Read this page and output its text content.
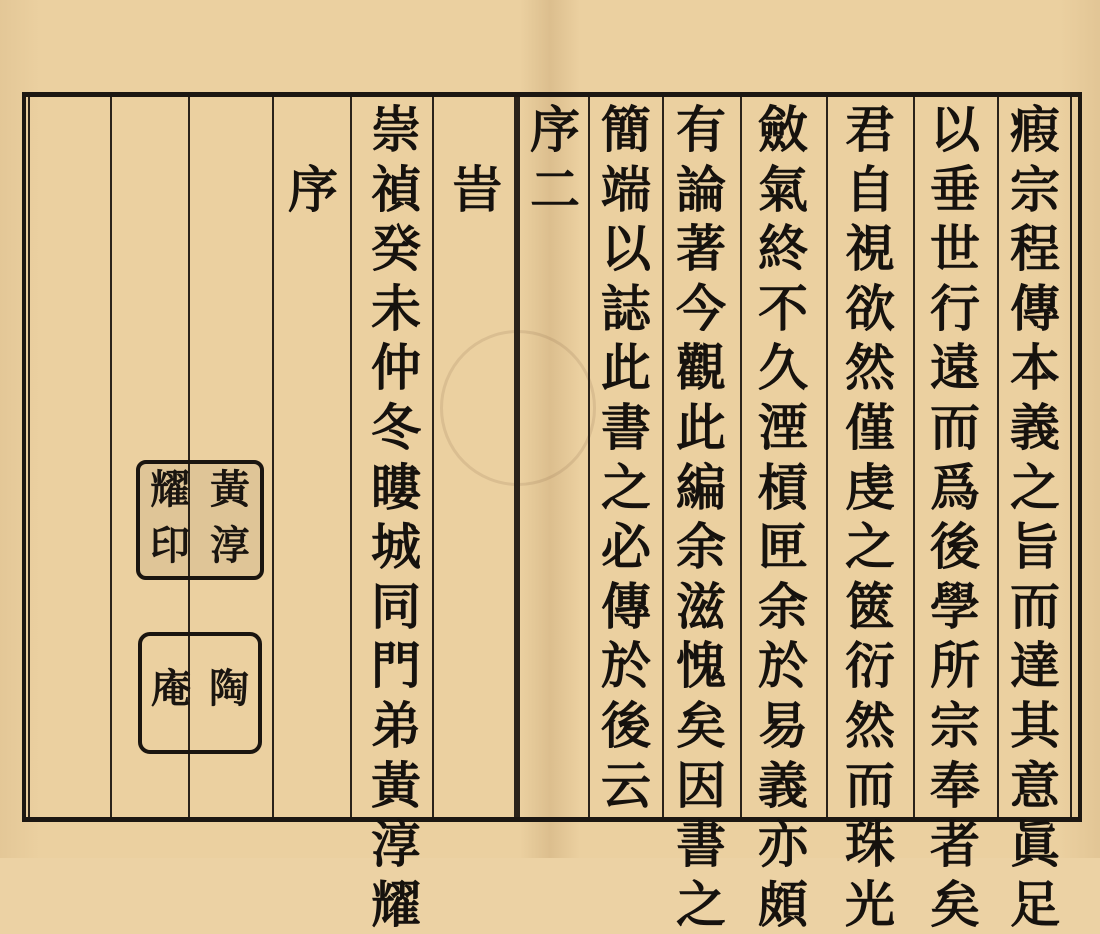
瘕
宗
程
傳
本
義
之
旨
而
達
其
意
眞
足
以
垂
世
行
遠
而
爲
後
學
所
宗
奉
者
矣
君
自
視
欲
然
僅
虔
之
篋
衍
然
而
珠
光
斂
氣
終
不
久
湮
槓
匣
余
於
易
義
亦
頗
有
論
著
今
觀
此
編
余
滋
愧
矣
因
書
之
簡
端
以
誌
此
書
之
必
傳
於
後
云
序
二
旹
崇
禎
癸
未
仲
冬
瞜
城
同
門
弟
黃
淳
耀
序
耀 黃
印 淳
庵 陶
